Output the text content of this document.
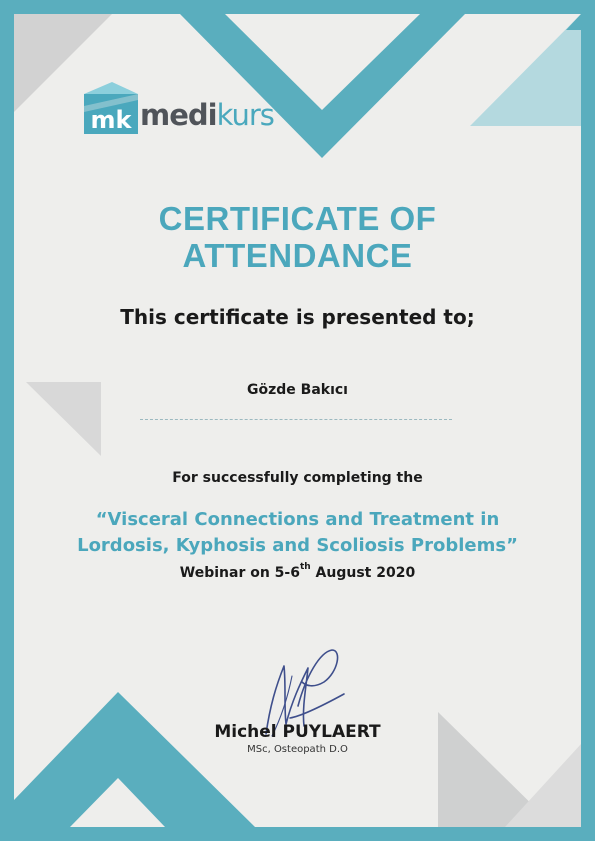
mk medikurs
CERTIFICATE OF
ATTENDANCE
This certificate is presented to;
Gözde Bakıcı
For successfully completing the
“Visceral Connections and Treatment in
Lordosis, Kyphosis and Scoliosis Problems”
Webinar on 5-6th August 2020
Michel PUYLAERT
MSc, Osteopath D.O
